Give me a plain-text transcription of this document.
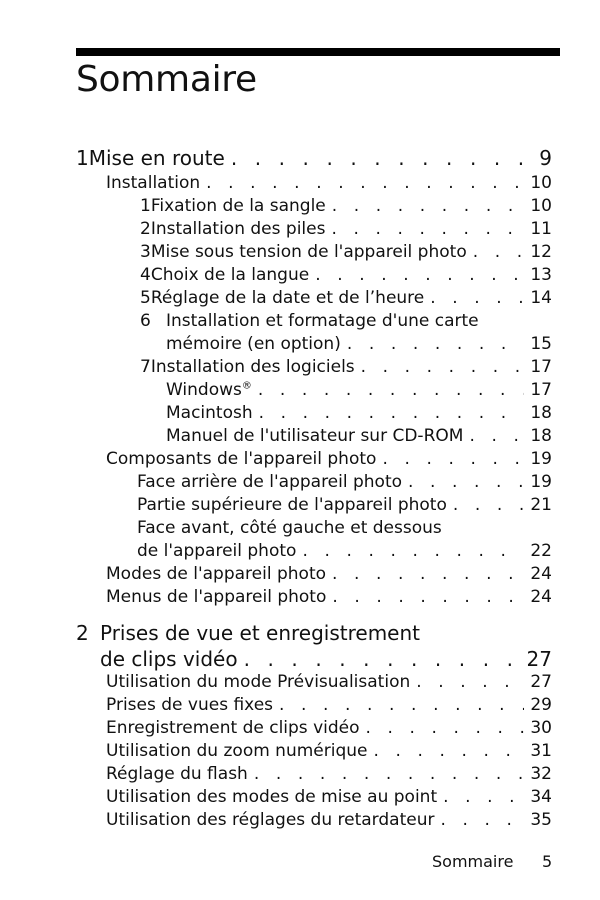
Sommaire
1 Mise en route . . .	9
Installation . . .	10
1 Fixation de la sangle . . .	10
2 Installation des piles . . .	11
3 Mise sous tension de l'appareil photo . . .	12
4 Choix de la langue . . .	13
5 Réglage de la date et de l’heure . . .	14
6 Installation et formatage d'une carte
mémoire (en option) . . .	15
7 Installation des logiciels . . .	17
Windows® . . .	17
Macintosh . . .	18
Manuel de l'utilisateur sur CD-ROM . . .	18
Composants de l'appareil photo . . .	19
Face arrière de l'appareil photo . . .	19
Partie supérieure de l'appareil photo . . .	21
Face avant, côté gauche et dessous
de l'appareil photo . . .	22
Modes de l'appareil photo . . .	24
Menus de l'appareil photo . . .	24
2 Prises de vue et enregistrement
de clips vidéo . . .	27
Utilisation du mode Prévisualisation . . .	27
Prises de vues fixes . . .	29
Enregistrement de clips vidéo . . .	30
Utilisation du zoom numérique . . .	31
Réglage du flash . . .	32
Utilisation des modes de mise au point . . .	34
Utilisation des réglages du retardateur . . .	35
Sommaire 5
